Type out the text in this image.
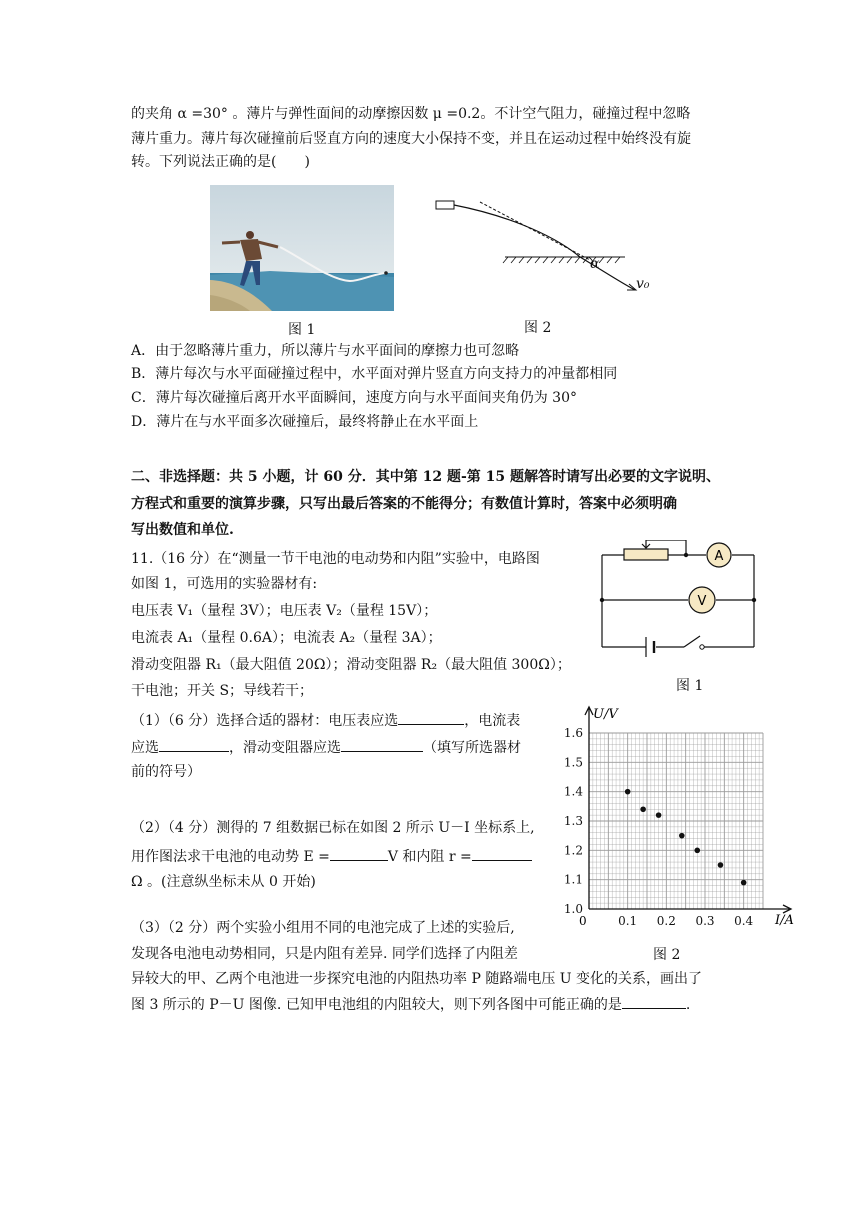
的夹角 α =30° 。薄片与弹性面间的动摩擦因数 μ =0.2。不计空气阻力，碰撞过程中忽略
薄片重力。薄片每次碰撞前后竖直方向的速度大小保持不变，并且在运动过程中始终没有旋
转。下列说法正确的是(　　)
图 1
α
v₀
图 2
A．由于忽略薄片重力，所以薄片与水平面间的摩擦力也可忽略
B．薄片每次与水平面碰撞过程中，水平面对弹片竖直方向支持力的冲量都相同
C．薄片每次碰撞后离开水平面瞬间，速度方向与水平面间夹角仍为 30°
D．薄片在与水平面多次碰撞后，最终将静止在水平面上
二、非选择题：共 5 小题，计 60 分．其中第 12 题-第 15 题解答时请写出必要的文字说明、
方程式和重要的演算步骤，只写出最后答案的不能得分；有数值计算时，答案中必须明确
写出数值和单位.
11.（16 分）在“测量一节干电池的电动势和内阻”实验中，电路图
如图 1，可选用的实验器材有:
电压表 V₁（量程 3V）；电压表 V₂（量程 15V）；
电流表 A₁（量程 0.6A）；电流表 A₂（量程 3A）；
滑动变阻器 R₁（最大阻值 20Ω）；滑动变阻器 R₂（最大阻值 300Ω）；
干电池；开关 S；导线若干；
（1）（6 分）选择合适的器材：电压表应选	，电流表
应选	，滑动变阻器应选	（填写所选器材
前的符号）
（2）（4 分）测得的 7 组数据已标在如图 2 所示 U－I 坐标系上,
用作图法求干电池的电动势 E =	V 和内阻 r =
Ω 。(注意纵坐标未从 0 开始)
（3）（2 分）两个实验小组用不同的电池完成了上述的实验后,
发现各电池电动势相同，只是内阻有差异. 同学们选择了内阻差
异较大的甲、乙两个电池进一步探究电池的内阻热功率 P 随路端电压 U 变化的关系，画出了
图 3 所示的 P－U 图像. 已知甲电池组的内阻较大，则下列各图中可能正确的是	.
A
V
图 1
0.1 0.2 0.3 0.4
1.0
1.1
1.2
1.3
1.4
1.5
1.6
U/V
I/A
0
图 2
